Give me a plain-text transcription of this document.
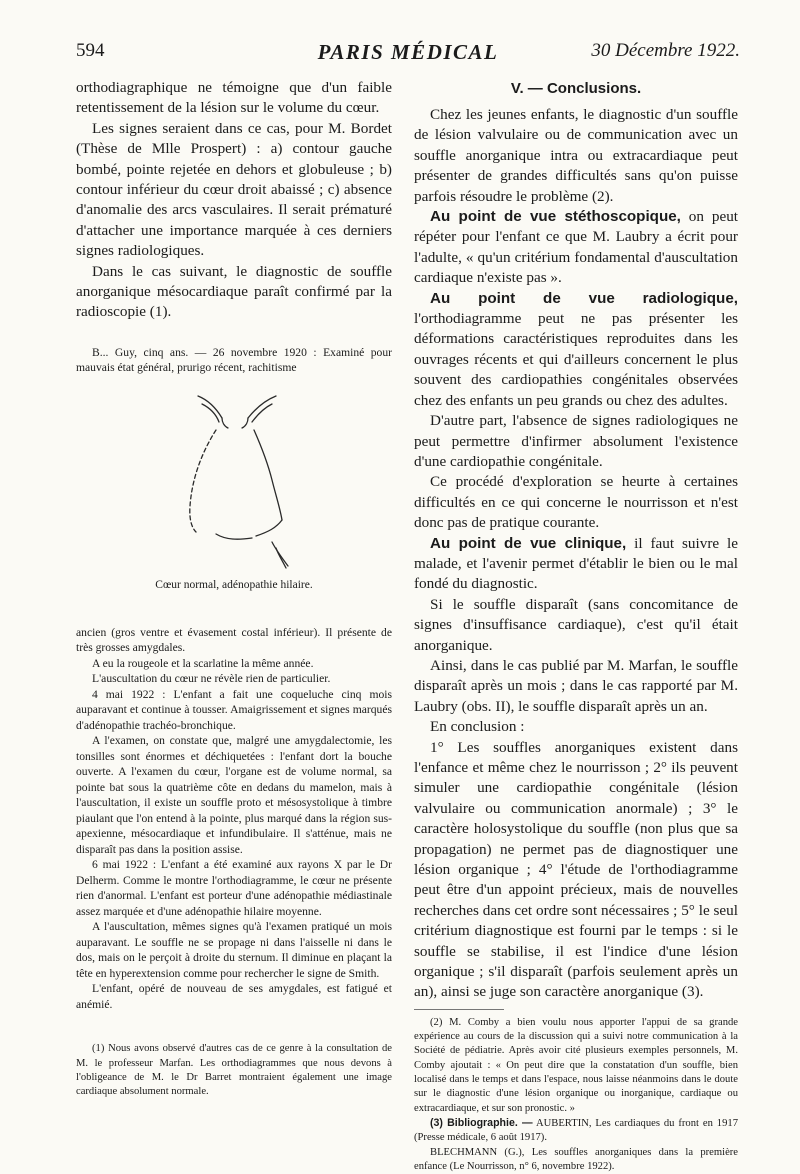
594	PARIS MÉDICAL	30 Décembre 1922.

orthodiagraphique ne témoigne que d'un faible retentissement de la lésion sur le volume du cœur.

Les signes seraient dans ce cas, pour M. Bordet (Thèse de Mlle Prospert) : a) contour gauche bombé, pointe rejetée en dehors et globuleuse ; b) contour inférieur du cœur droit abaissé ; c) absence d'anomalie des arcs vasculaires. Il serait prématuré d'attacher une importance marquée à ces derniers signes radiologiques.

Dans le cas suivant, le diagnostic de souffle anorganique mésocardiaque paraît confirmé par la radioscopie (1).

B... Guy, cinq ans. — 26 novembre 1920 : Examiné pour mauvais état général, prurigo récent, rachitisme

Cœur normal, adénopathie hilaire.

ancien (gros ventre et évasement costal inférieur). Il présente de très grosses amygdales.

A eu la rougeole et la scarlatine la même année.

L'auscultation du cœur ne révèle rien de particulier.

4 mai 1922 : L'enfant a fait une coqueluche cinq mois auparavant et continue à tousser. Amaigrissement et signes marqués d'adénopathie trachéo-bronchique.

A l'examen, on constate que, malgré une amygdalectomie, les tonsilles sont énormes et déchiquetées : l'enfant dort la bouche ouverte. A l'examen du cœur, l'organe est de volume normal, sa pointe bat sous la quatrième côte en dedans du mamelon, mais à l'auscultation, il existe un souffle proto et mésosystolique à timbre piaulant que l'on entend à la pointe, plus marqué dans la région sus-apexienne, mésocardiaque et infundibulaire. Il s'atténue, mais ne disparaît pas dans la position assise.

6 mai 1922 : L'enfant a été examiné aux rayons X par le Dr Delherm. Comme le montre l'orthodiagramme, le cœur ne présente rien d'anormal. L'enfant est porteur d'une adénopathie médiastinale assez marquée et d'une adénopathie hilaire moyenne.

A l'auscultation, mêmes signes qu'à l'examen pratiqué un mois auparavant. Le souffle ne se propage ni dans l'aisselle ni dans le dos, mais on le perçoit à droite du sternum. Il diminue en plaçant la tête en hyperextension comme pour rechercher le signe de Smith.

L'enfant, opéré de nouveau de ses amygdales, est fatigué et anémié.

(1) Nous avons observé d'autres cas de ce genre à la consultation de M. le professeur Marfan. Les orthodiagrammes que nous devons à l'obligeance de M. le Dr Barret montraient également une image cardiaque absolument normale.

V. — Conclusions.

Chez les jeunes enfants, le diagnostic d'un souffle de lésion valvulaire ou de communication avec un souffle anorganique intra ou extracardiaque peut présenter de grandes difficultés sans qu'on puisse parfois résoudre le problème (2).

Au point de vue stéthoscopique, on peut répéter pour l'enfant ce que M. Laubry a écrit pour l'adulte, « qu'un critérium fondamental d'auscultation cardiaque n'existe pas ».

Au point de vue radiologique, l'orthodiagramme peut ne pas présenter les déformations caractéristiques reproduites dans les ouvrages récents et qui d'ailleurs concernent le plus souvent des cardiopathies congénitales observées chez des enfants un peu grands ou chez des adultes.

D'autre part, l'absence de signes radiologiques ne peut permettre d'infirmer absolument l'existence d'une cardiopathie congénitale.

Ce procédé d'exploration se heurte à certaines difficultés en ce qui concerne le nourrisson et n'est donc pas de pratique courante.

Au point de vue clinique, il faut suivre le malade, et l'avenir permet d'établir le bien ou le mal fondé du diagnostic.

Si le souffle disparaît (sans concomitance de signes d'insuffisance cardiaque), c'est qu'il était anorganique.

Ainsi, dans le cas publié par M. Marfan, le souffle disparaît après un mois ; dans le cas rapporté par M. Laubry (obs. II), le souffle disparaît après un an.

En conclusion :

1° Les souffles anorganiques existent dans l'enfance et même chez le nourrisson ; 2° ils peuvent simuler une cardiopathie congénitale (lésion valvulaire ou communication anormale) ; 3° le caractère holosystolique du souffle (non plus que sa propagation) ne permet pas de diagnostiquer une lésion organique ; 4° l'étude de l'orthodiagramme peut être d'un appoint précieux, mais de nouvelles recherches dans cet ordre sont nécessaires ; 5° le seul critérium diagnostique est fourni par le temps : si le souffle se stabilise, il est l'indice d'une lésion organique ; s'il disparaît (parfois seulement après un an), ainsi se juge son caractère anorganique (3).

(2) M. Comby a bien voulu nous apporter l'appui de sa grande expérience au cours de la discussion qui a suivi notre communication à la Société de pédiatrie. Après avoir cité plusieurs exemples personnels, M. Comby ajoutait : « On peut dire que la constatation d'un souffle, bien localisé dans le temps et dans l'espace, nous laisse néanmoins dans le doute sur le diagnostic d'une lésion organique ou inorganique, cardiaque ou extracardiaque, et sur son pronostic. »

(3) Bibliographie. — AUBERTIN, Les cardiaques du front en 1917 (Presse médicale, 6 août 1917).

BLECHMANN (G.), Les souffles anorganiques dans la première enfance (Le Nourrisson, n° 6, novembre 1922).
